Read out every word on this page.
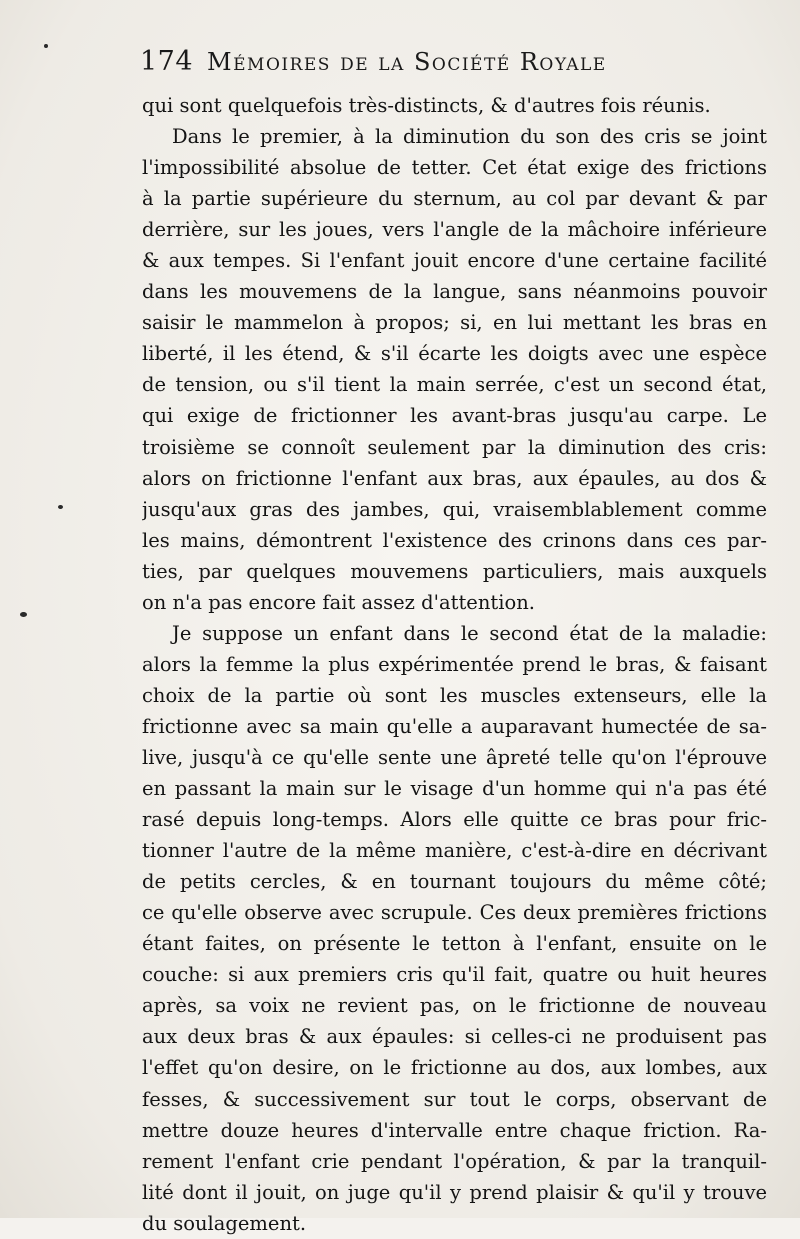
174 Mémoires de la Société Royale
qui sont quelquefois très-distincts, & d'autres fois réunis.
Dans le premier, à la diminution du son des cris se joint
l'impossibilité absolue de tetter. Cet état exige des frictions
à la partie supérieure du sternum, au col par devant & par
derrière, sur les joues, vers l'angle de la mâchoire inférieure
& aux tempes. Si l'enfant jouit encore d'une certaine facilité
dans les mouvemens de la langue, sans néanmoins pouvoir
saisir le mammelon à propos; si, en lui mettant les bras en
liberté, il les étend, & s'il écarte les doigts avec une espèce
de tension, ou s'il tient la main serrée, c'est un second état,
qui exige de frictionner les avant-bras jusqu'au carpe. Le
troisième se connoît seulement par la diminution des cris:
alors on frictionne l'enfant aux bras, aux épaules, au dos &
jusqu'aux gras des jambes, qui, vraisemblablement comme
les mains, démontrent l'existence des crinons dans ces par-
ties, par quelques mouvemens particuliers, mais auxquels
on n'a pas encore fait assez d'attention.
Je suppose un enfant dans le second état de la maladie:
alors la femme la plus expérimentée prend le bras, & faisant
choix de la partie où sont les muscles extenseurs, elle la
frictionne avec sa main qu'elle a auparavant humectée de sa-
live, jusqu'à ce qu'elle sente une âpreté telle qu'on l'éprouve
en passant la main sur le visage d'un homme qui n'a pas été
rasé depuis long-temps. Alors elle quitte ce bras pour fric-
tionner l'autre de la même manière, c'est-à-dire en décrivant
de petits cercles, & en tournant toujours du même côté;
ce qu'elle observe avec scrupule. Ces deux premières frictions
étant faites, on présente le tetton à l'enfant, ensuite on le
couche: si aux premiers cris qu'il fait, quatre ou huit heures
après, sa voix ne revient pas, on le frictionne de nouveau
aux deux bras & aux épaules: si celles-ci ne produisent pas
l'effet qu'on desire, on le frictionne au dos, aux lombes, aux
fesses, & successivement sur tout le corps, observant de
mettre douze heures d'intervalle entre chaque friction. Ra-
rement l'enfant crie pendant l'opération, & par la tranquil-
lité dont il jouit, on juge qu'il y prend plaisir & qu'il y trouve
du soulagement.
